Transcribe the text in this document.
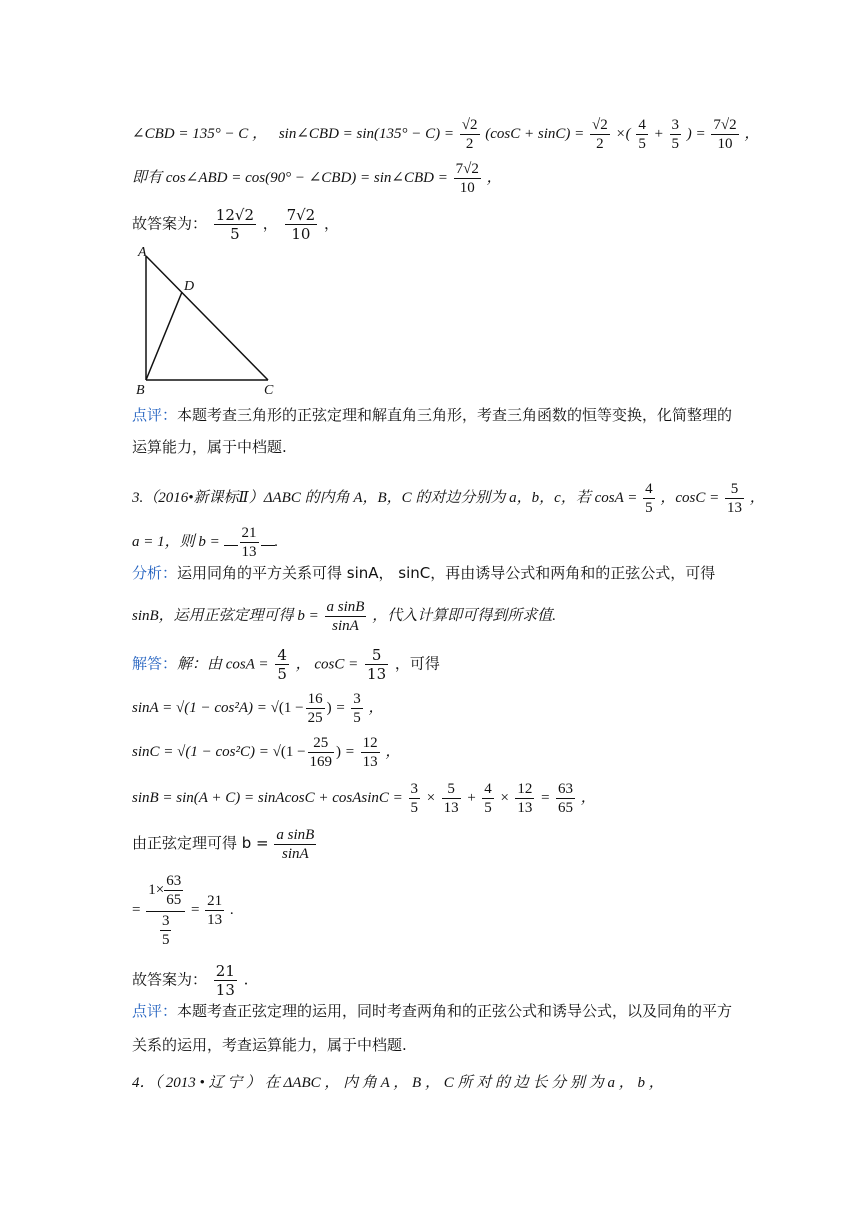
∠CBD = 135° − C ， sin∠CBD = $\sin(135^\circ - C) = \frac{√2}{2} (\cos C + \sin C) = \frac{√2}{2}$ ×( $\frac{4}{5} + \frac{3}{5}$ ) = $\frac{7√2}{10}$ ，
即有 cos∠ABD = cos(90° − ∠CBD) = sin∠CBD = $\frac{7√2}{10}$ ，
故答案为： $\frac{12√2}{5}$ ， $\frac{7√2}{10}$ ，
A
B	C
D
点评：本题考查三角形的正弦定理和解直角三角形，考查三角函数的恒等变换，化简整理的
运算能力，属于中档题.
3.（2016•新课标Ⅱ）ΔABC 的内角 A，B，C 的对边分别为 a，b，c，若 $\cos A = \frac{4}{5}$ ，$\cos C = \frac{5}{13}$ ，
a = 1，则 $b = \frac{21}{13}$ .
分析：运用同角的平方关系可得 sinA， sinC，再由诱导公式和两角和的正弦公式，可得
sinB，运用正弦定理可得 $b = \frac{\text{a sinB}}{\sin A}$ ，代入计算即可得到所求值.
解答：解：由 $\cos A = \frac{4}{5}$ ， $\cos C = \frac{5}{13}$ ，可得
$\sin A = √(1 - \cos^2A) = √(1 - \frac{16}{25}$ ) = $\frac{3}{5}$ ，
$\sin C = √(1 - \cos^2C) = √(1 - \frac{25}{169}$ ) = $\frac{12}{13}$ ，
sinB = sin(A + C) = sinAcosC + cosAsinC = $\frac{3}{5} \times \frac{5}{13} + \frac{4}{5} \times \frac{12}{13} = \frac{63}{65}$ ，
由正弦定理可得 $b = \frac{\text{a sinB}}{\sin A}$
= $\frac{1\times \frac{63}{65}}{\frac{3}{5}} = \frac{21}{13}$ .
故答案为： $\frac{21}{13}$ .
点评：本题考查正弦定理的运用，同时考查两角和的正弦公式和诱导公式，以及同角的平方
关系的运用，考查运算能力，属于中档题.
4．（ 2013 • 辽 宁 ） 在 ΔABC ， 内 角 A ， B ， C 所 对 的 边 长 分 别 为 a ， b ，
